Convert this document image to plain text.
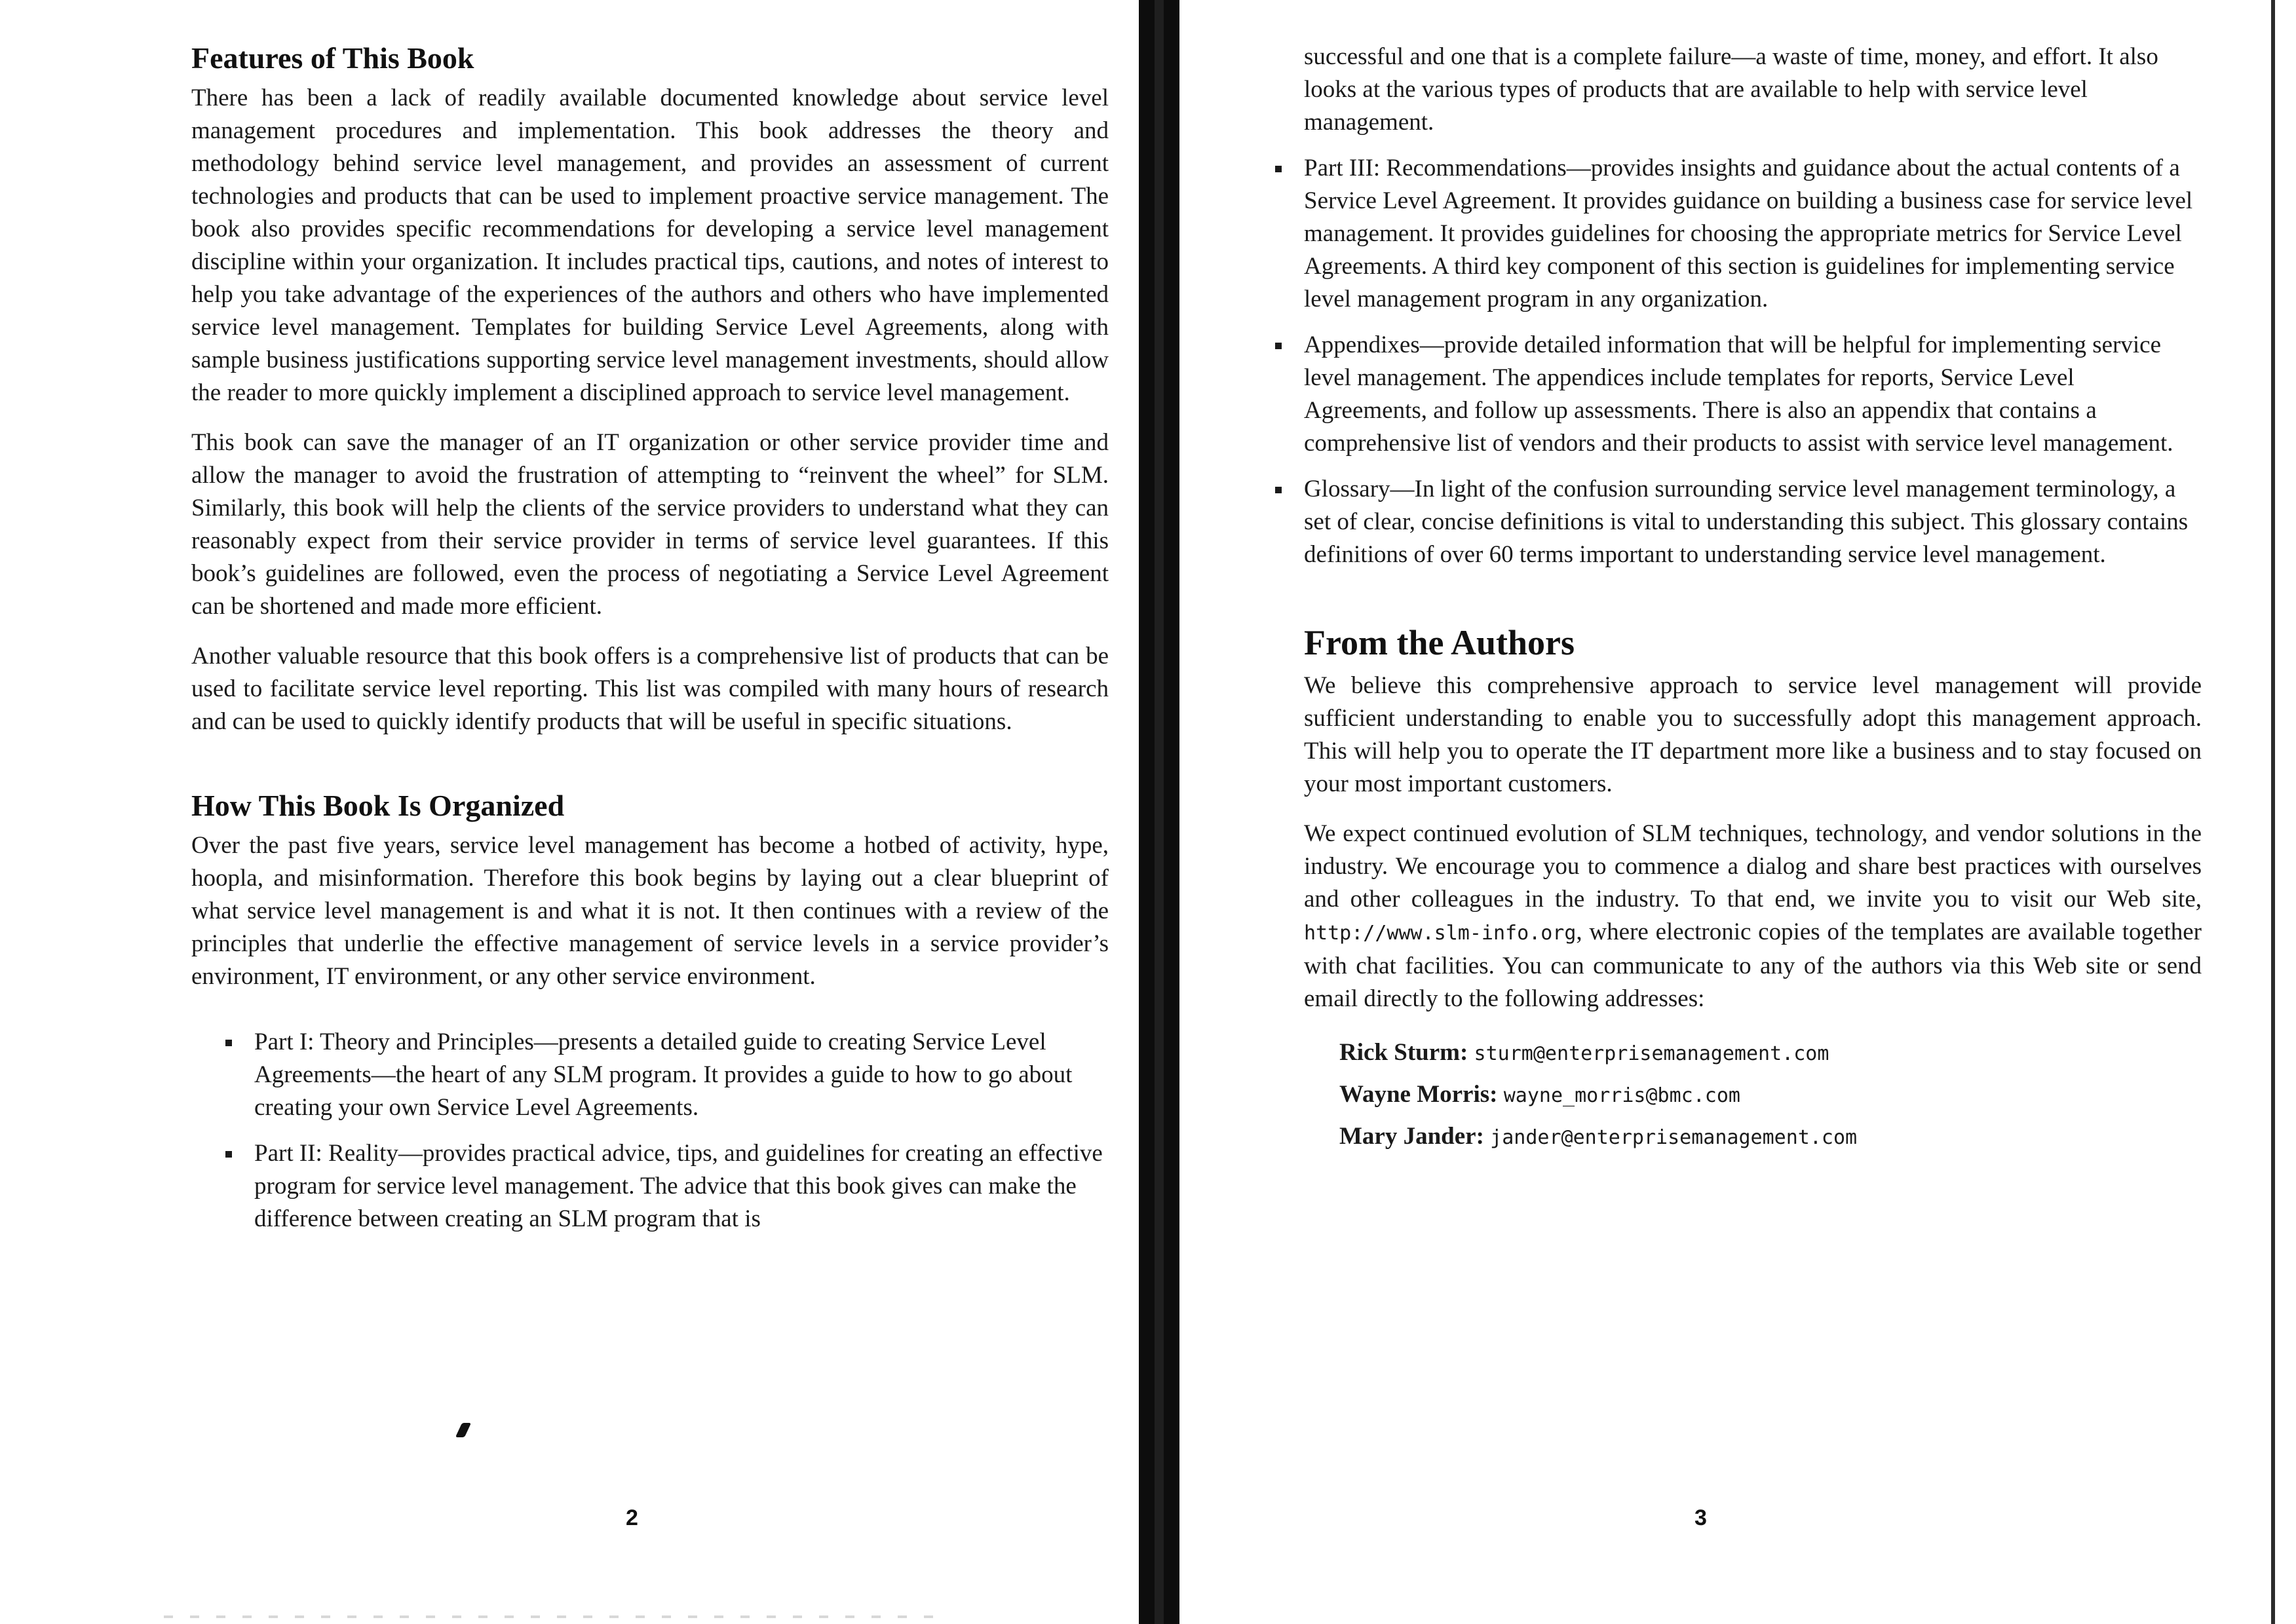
Features of This Book

There has been a lack of readily available documented knowledge about service level management procedures and implementation. This book addresses the theory and methodology behind service level management, and provides an assessment of current technologies and products that can be used to implement proactive service management. The book also provides specific recommendations for developing a service level management discipline within your organization. It includes practical tips, cautions, and notes of interest to help you take advantage of the experiences of the authors and others who have implemented service level management. Templates for building Service Level Agreements, along with sample business justifications supporting service level management investments, should allow the reader to more quickly implement a disciplined approach to service level management.

This book can save the manager of an IT organization or other service provider time and allow the manager to avoid the frustration of attempting to “reinvent the wheel” for SLM. Similarly, this book will help the clients of the service providers to understand what they can reasonably expect from their service provider in terms of service level guarantees. If this book’s guidelines are followed, even the process of negotiating a Service Level Agreement can be shortened and made more efficient.

Another valuable resource that this book offers is a comprehensive list of products that can be used to facilitate service level reporting. This list was compiled with many hours of research and can be used to quickly identify products that will be useful in specific situations.

How This Book Is Organized

Over the past five years, service level management has become a hotbed of activity, hype, hoopla, and misinformation. Therefore this book begins by laying out a clear blueprint of what service level management is and what it is not. It then continues with a review of the principles that underlie the effective management of service levels in a service provider’s environment, IT environment, or any other service environment.

Part I: Theory and Principles—presents a detailed guide to creating Service Level Agreements—the heart of any SLM program. It provides a guide to how to go about creating your own Service Level Agreements.
Part II: Reality—provides practical advice, tips, and guidelines for creating an effective program for service level management. The advice that this book gives can make the difference between creating an SLM program that is
2
successful and one that is a complete failure—a waste of time, money, and effort. It also looks at the various types of products that are available to help with service level management.
Part III: Recommendations—provides insights and guidance about the actual contents of a Service Level Agreement. It provides guidance on building a business case for service level management. It provides guidelines for choosing the appropriate metrics for Service Level Agreements. A third key component of this section is guidelines for implementing service level management program in any organization.
Appendixes—provide detailed information that will be helpful for implementing service level management. The appendices include templates for reports, Service Level Agreements, and follow up assessments. There is also an appendix that contains a comprehensive list of vendors and their products to assist with service level management.
Glossary—In light of the confusion surrounding service level management terminology, a set of clear, concise definitions is vital to understanding this subject. This glossary contains definitions of over 60 terms important to understanding service level management.
From the Authors

We believe this comprehensive approach to service level management will provide sufficient understanding to enable you to successfully adopt this management approach. This will help you to operate the IT department more like a business and to stay focused on your most important customers.

We expect continued evolution of SLM techniques, technology, and vendor solutions in the industry. We encourage you to commence a dialog and share best practices with ourselves and other colleagues in the industry. To that end, we invite you to visit our Web site, http://www.slm-info.org, where electronic copies of the templates are available together with chat facilities. You can communicate to any of the authors via this Web site or send email directly to the following addresses:

Rick Sturm: sturm@enterprisemanagement.com
Wayne Morris: wayne_morris@bmc.com
Mary Jander: jander@enterprisemanagement.com
3
